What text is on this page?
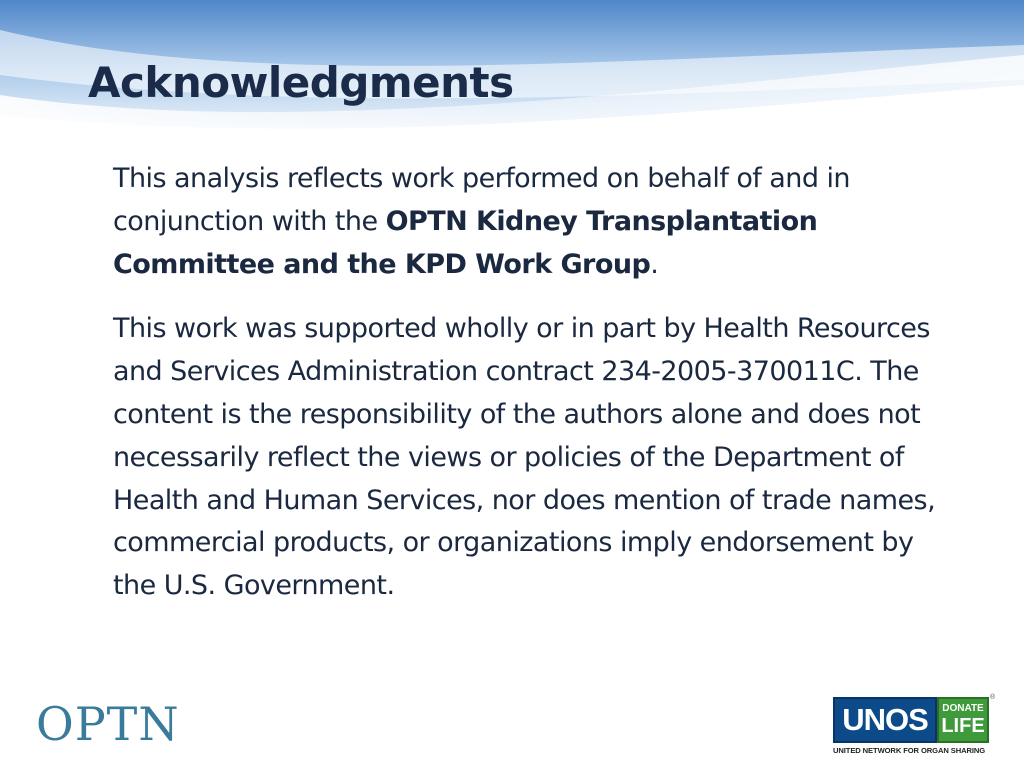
Acknowledgments

This analysis reflects work performed on behalf of and in conjunction with the OPTN Kidney Transplantation Committee and the KPD Work Group.

This work was supported wholly or in part by Health Resources and Services Administration contract 234-2005-370011C. The content is the responsibility of the authors alone and does not necessarily reflect the views or policies of the Department of Health and Human Services, nor does mention of trade names, commercial products, or organizations imply endorsement by the U.S. Government.

OPTN	UNOS	DONATE
LIFE
®
UNITED NETWORK FOR ORGAN SHARING
